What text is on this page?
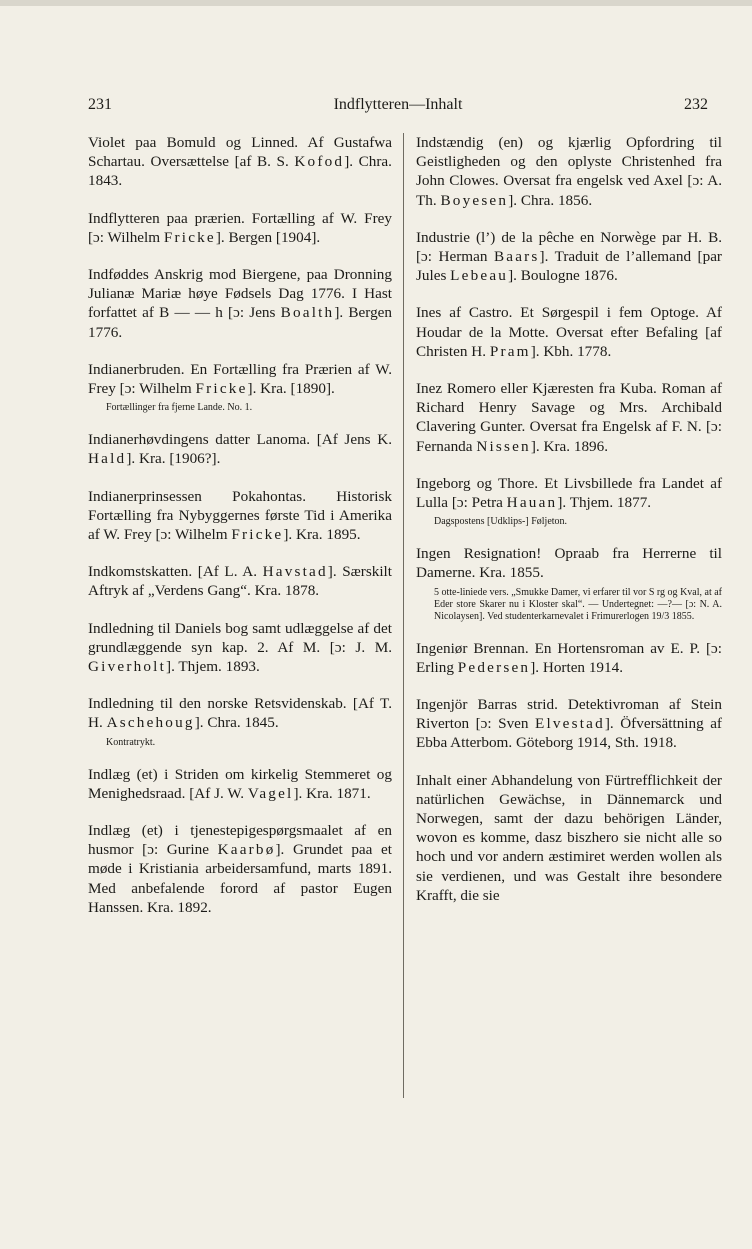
231	Indflytteren—Inhalt	232

Violet paa Bomuld og Linned. Af Gustafwa Schartau. Oversættelse [af B. S. Kofod]. Chra. 1843.

Indflytteren paa prærien. Fortælling af W. Frey [ɔ: Wilhelm Fricke]. Bergen [1904].

Indføddes Anskrig mod Biergene, paa Dronning Julianæ Mariæ høye Fødsels Dag 1776. I Hast forfattet af B — — h [ɔ: Jens Boalth]. Bergen 1776.

Indianerbruden. En Fortælling fra Prærien af W. Frey [ɔ: Wilhelm Fricke]. Kra. [1890].

Fortællinger fra fjerne Lande. No. 1.

Indianerhøvdingens datter Lanoma. [Af Jens K. Hald]. Kra. [1906?].

Indianerprinsessen Pokahontas. Historisk Fortælling fra Nybyggernes første Tid i Amerika af W. Frey [ɔ: Wilhelm Fricke]. Kra. 1895.

Indkomstskatten. [Af L. A. Havstad]. Særskilt Aftryk af „Verdens Gang“. Kra. 1878.

Indledning til Daniels bog samt udlæggelse af det grundlæggende syn kap. 2. Af M. [ɔ: J. M. Giverholt]. Thjem. 1893.

Indledning til den norske Retsvidenskab. [Af T. H. Aschehoug]. Chra. 1845.

Kontratrykt.

Indlæg (et) i Striden om kirkelig Stemmeret og Menighedsraad. [Af J. W. Vagel]. Kra. 1871.

Indlæg (et) i tjenestepigespørgsmaalet af en husmor [ɔ: Gurine Kaarbø]. Grundet paa et møde i Kristiania arbeidersamfund, marts 1891. Med anbefalende forord af pastor Eugen Hanssen. Kra. 1892.

Indstændig (en) og kjærlig Opfordring til Geistligheden og den oplyste Christenhed fra John Clowes. Oversat fra engelsk ved Axel [ɔ: A. Th. Boyesen]. Chra. 1856.

Industrie (l’) de la pêche en Norwège par H. B. [ɔ: Herman Baars]. Traduit de l’allemand [par Jules Lebeau]. Boulogne 1876.

Ines af Castro. Et Sørgespil i fem Optoge. Af Houdar de la Motte. Oversat efter Befaling [af Christen H. Pram]. Kbh. 1778.

Inez Romero eller Kjæresten fra Kuba. Roman af Richard Henry Savage og Mrs. Archibald Clavering Gunter. Oversat fra Engelsk af F. N. [ɔ: Fernanda Nissen]. Kra. 1896.

Ingeborg og Thore. Et Livsbillede fra Landet af Lulla [ɔ: Petra Hauan]. Thjem. 1877.

Dagspostens [Udklips-] Føljeton.

Ingen Resignation! Opraab fra Herrerne til Damerne. Kra. 1855.

5 otte-liniede vers. „Smukke Damer, vi erfarer til vor S rg og Kval, at af Eder store Skarer nu i Kloster skal“. — Undertegnet: —?— [ɔ: N. A. Nicolaysen]. Ved studenterkarnevalet i Frimurerlogen 19/3 1855.

Ingeniør Brennan. En Hortensroman av E. P. [ɔ: Erling Pedersen]. Horten 1914.

Ingenjör Barras strid. Detektivroman af Stein Riverton [ɔ: Sven Elvestad]. Öfversättning af Ebba Atterbom. Göteborg 1914, Sth. 1918.

Inhalt einer Abhandelung von Fürtrefflichkeit der natürlichen Gewächse, in Dännemarck und Norwegen, samt der dazu behörigen Länder, wovon es komme, dasz biszhero sie nicht alle so hoch und vor andern æstimiret werden wollen als sie verdienen, und was Gestalt ihre besondere Krafft, die sie
